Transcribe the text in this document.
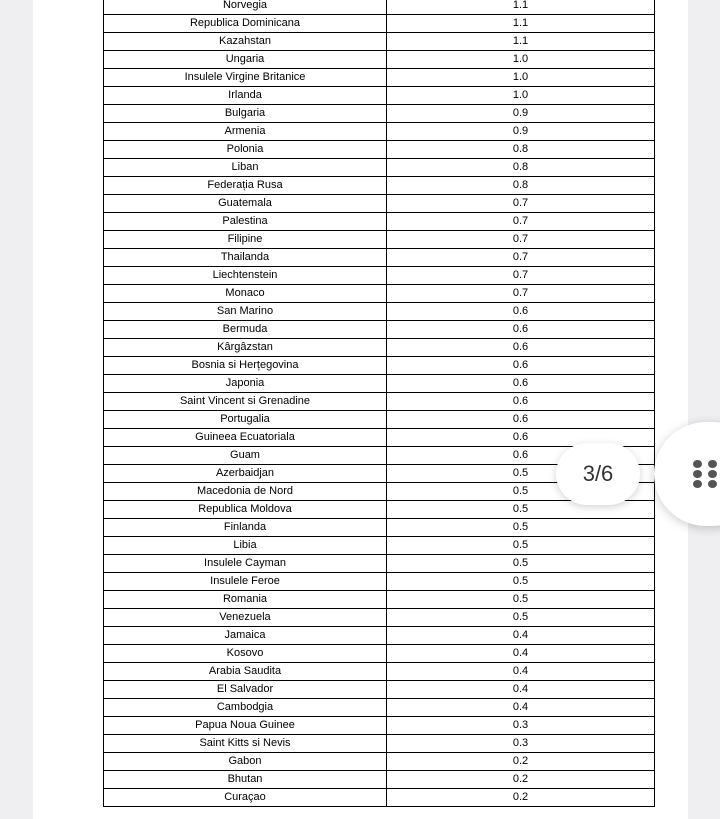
Norvegia	1.1
Republica Dominicana	1.1
Kazahstan	1.1
Ungaria	1.0
Insulele Virgine Britanice	1.0
Irlanda	1.0
Bulgaria	0.9
Armenia	0.9
Polonia	0.8
Liban	0.8
Federația Rusa	0.8
Guatemala	0.7
Palestina	0.7
Filipine	0.7
Thailanda	0.7
Liechtenstein	0.7
Monaco	0.7
San Marino	0.6
Bermuda	0.6
Kârgâzstan	0.6
Bosnia si Herțegovina	0.6
Japonia	0.6
Saint Vincent si Grenadine	0.6
Portugalia	0.6
Guineea Ecuatoriala	0.6
Guam	0.6
Azerbaidjan	0.5
Macedonia de Nord	0.5
Republica Moldova	0.5
Finlanda	0.5
Libia	0.5
Insulele Cayman	0.5
Insulele Feroe	0.5
Romania	0.5
Venezuela	0.5
Jamaica	0.4
Kosovo	0.4
Arabia Saudita	0.4
El Salvador	0.4
Cambodgia	0.4
Papua Noua Guinee	0.3
Saint Kitts si Nevis	0.3
Gabon	0.2
Bhutan	0.2
Curaçao	0.2
3/6
